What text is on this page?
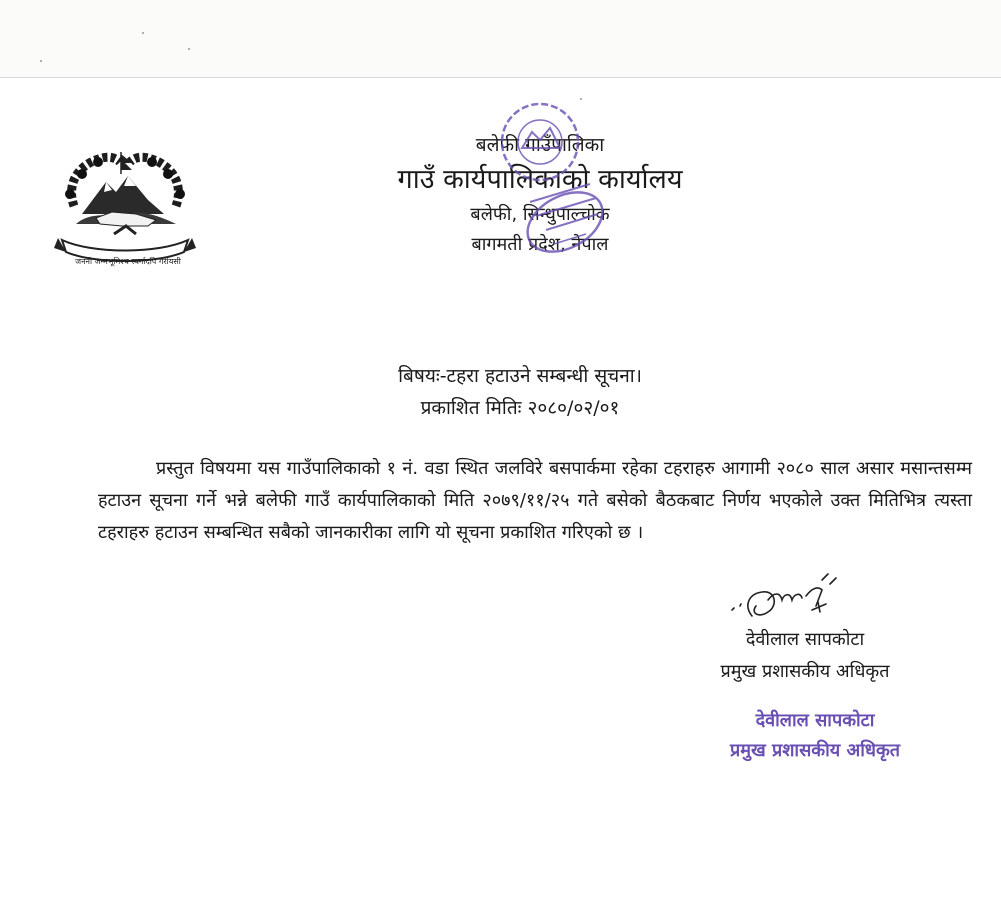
जननी जन्मभूमिश्च स्वर्गादपि गरीयसी
बलेफी गाउँपालिका
गाउँ कार्यपालिकाको कार्यालय
बलेफी, सिन्धुपाल्चोक
बागमती प्रदेश, नेपाल
बिषयः-टहरा हटाउने सम्बन्धी सूचना।
प्रकाशित मितिः २०८०/०२/०१

प्रस्तुत विषयमा यस गाउँपालिकाको १ नं. वडा स्थित जलविरे बसपार्कमा रहेका टहराहरु आगामी २०८० साल असार मसान्तसम्म हटाउन सूचना गर्ने भन्ने बलेफी गाउँ कार्यपालिकाको मिति २०७९/११/२५ गते बसेको बैठकबाट निर्णय भएकोले उक्त मितिभित्र त्यस्ता टहराहरु हटाउन सम्बन्धित सबैको जानकारीका लागि यो सूचना प्रकाशित गरिएको छ ।

देवीलाल सापकोटा
प्रमुख प्रशासकीय अधिकृत
देवीलाल सापकोटा
प्रमुख प्रशासकीय अधिकृत
